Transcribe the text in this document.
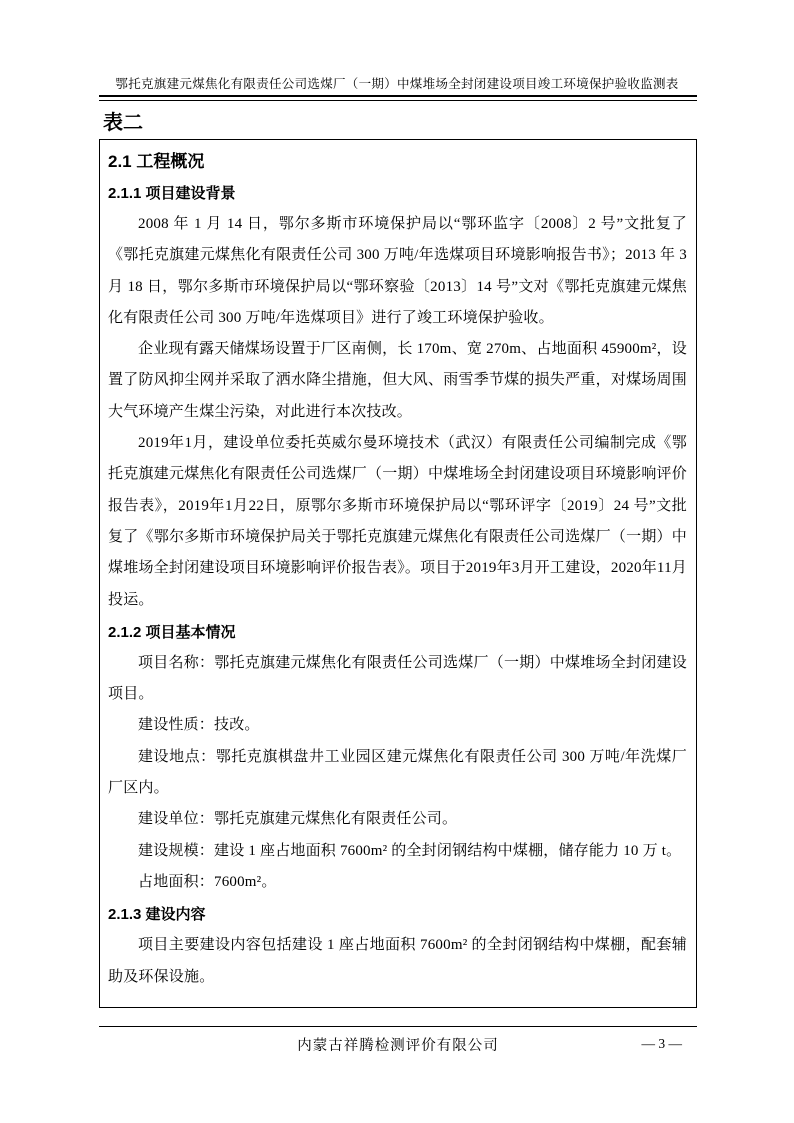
鄂托克旗建元煤焦化有限责任公司选煤厂（一期）中煤堆场全封闭建设项目竣工环境保护验收监测表
表二
2.1 工程概况
2.1.1 项目建设背景

2008 年 1 月 14 日，鄂尔多斯市环境保护局以“鄂环监字〔2008〕2 号”文批复了《鄂托克旗建元煤焦化有限责任公司 300 万吨/年选煤项目环境影响报告书》；2013 年 3 月 18 日，鄂尔多斯市环境保护局以“鄂环察验〔2013〕14 号”文对《鄂托克旗建元煤焦化有限责任公司 300 万吨/年选煤项目》进行了竣工环境保护验收。

企业现有露天储煤场设置于厂区南侧，长 170m、宽 270m、占地面积 45900m²，设置了防风抑尘网并采取了洒水降尘措施，但大风、雨雪季节煤的损失严重，对煤场周围大气环境产生煤尘污染，对此进行本次技改。

2019年1月，建设单位委托英威尔曼环境技术（武汉）有限责任公司编制完成《鄂托克旗建元煤焦化有限责任公司选煤厂（一期）中煤堆场全封闭建设项目环境影响评价报告表》，2019年1月22日，原鄂尔多斯市环境保护局以“鄂环评字〔2019〕24 号”文批复了《鄂尔多斯市环境保护局关于鄂托克旗建元煤焦化有限责任公司选煤厂（一期）中煤堆场全封闭建设项目环境影响评价报告表》。项目于2019年3月开工建设，2020年11月投运。

2.1.2 项目基本情况

项目名称：鄂托克旗建元煤焦化有限责任公司选煤厂（一期）中煤堆场全封闭建设项目。

建设性质：技改。

建设地点：鄂托克旗棋盘井工业园区建元煤焦化有限责任公司 300 万吨/年洗煤厂厂区内。

建设单位：鄂托克旗建元煤焦化有限责任公司。

建设规模：建设 1 座占地面积 7600m² 的全封闭钢结构中煤棚，储存能力 10 万 t。

占地面积：7600m²。

2.1.3 建设内容

项目主要建设内容包括建设 1 座占地面积 7600m² 的全封闭钢结构中煤棚，配套辅助及环保设施。

内蒙古祥腾检测评价有限公司	— 3 —
